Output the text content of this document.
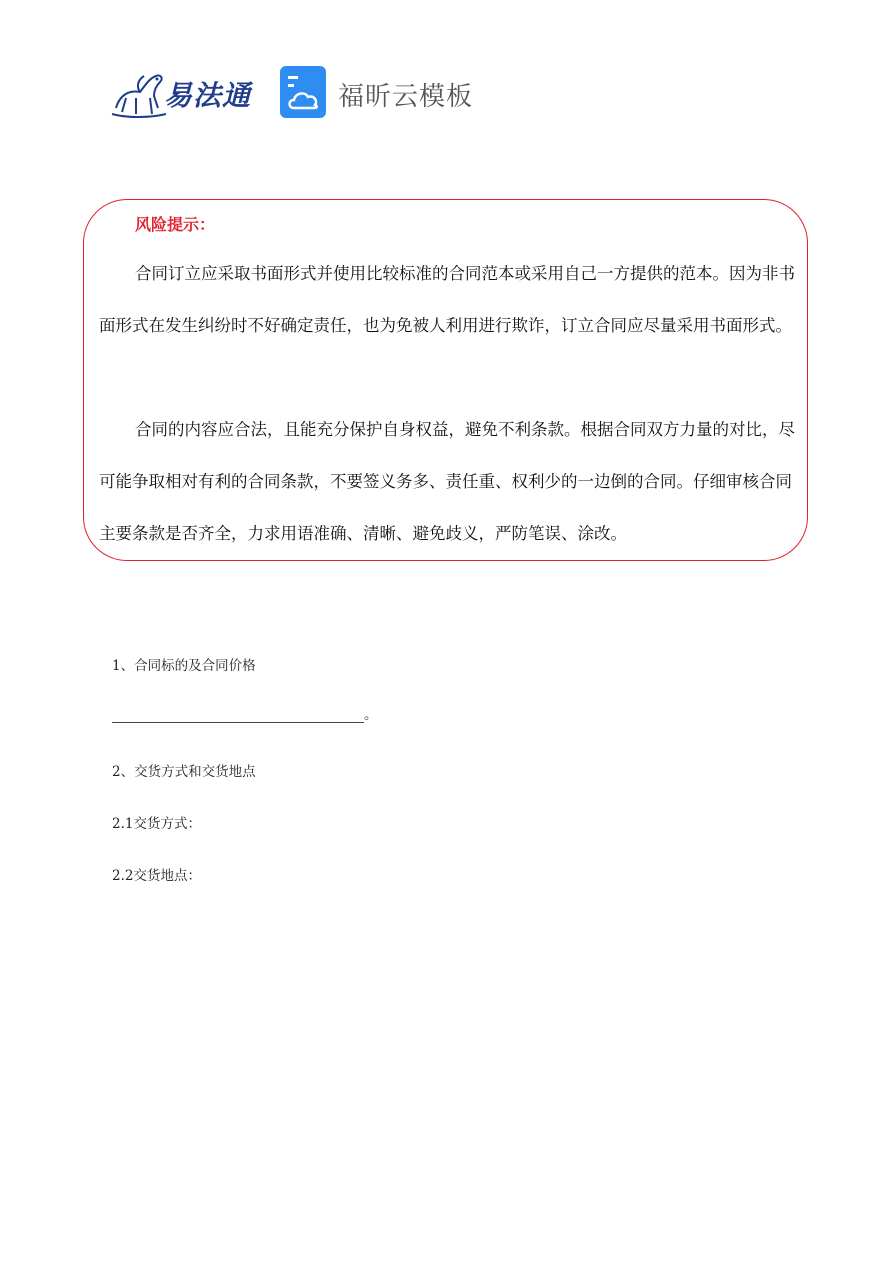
易法通	福昕云模板
风险提示：

合同订立应采取书面形式并使用比较标准的合同范本或采用自己一方提供的范本。因为非书面形式在发生纠纷时不好确定责任，也为免被人利用进行欺诈，订立合同应尽量采用书面形式。

合同的内容应合法，且能充分保护自身权益，避免不利条款。根据合同双方力量的对比，尽可能争取相对有利的合同条款，不要签义务多、责任重、权利少的一边倒的合同。仔细审核合同主要条款是否齐全，力求用语准确、清晰、避免歧义，严防笔误、涂改。

1、合同标的及合同价格
。
2、交货方式和交货地点
2.1交货方式：
2.2交货地点：
